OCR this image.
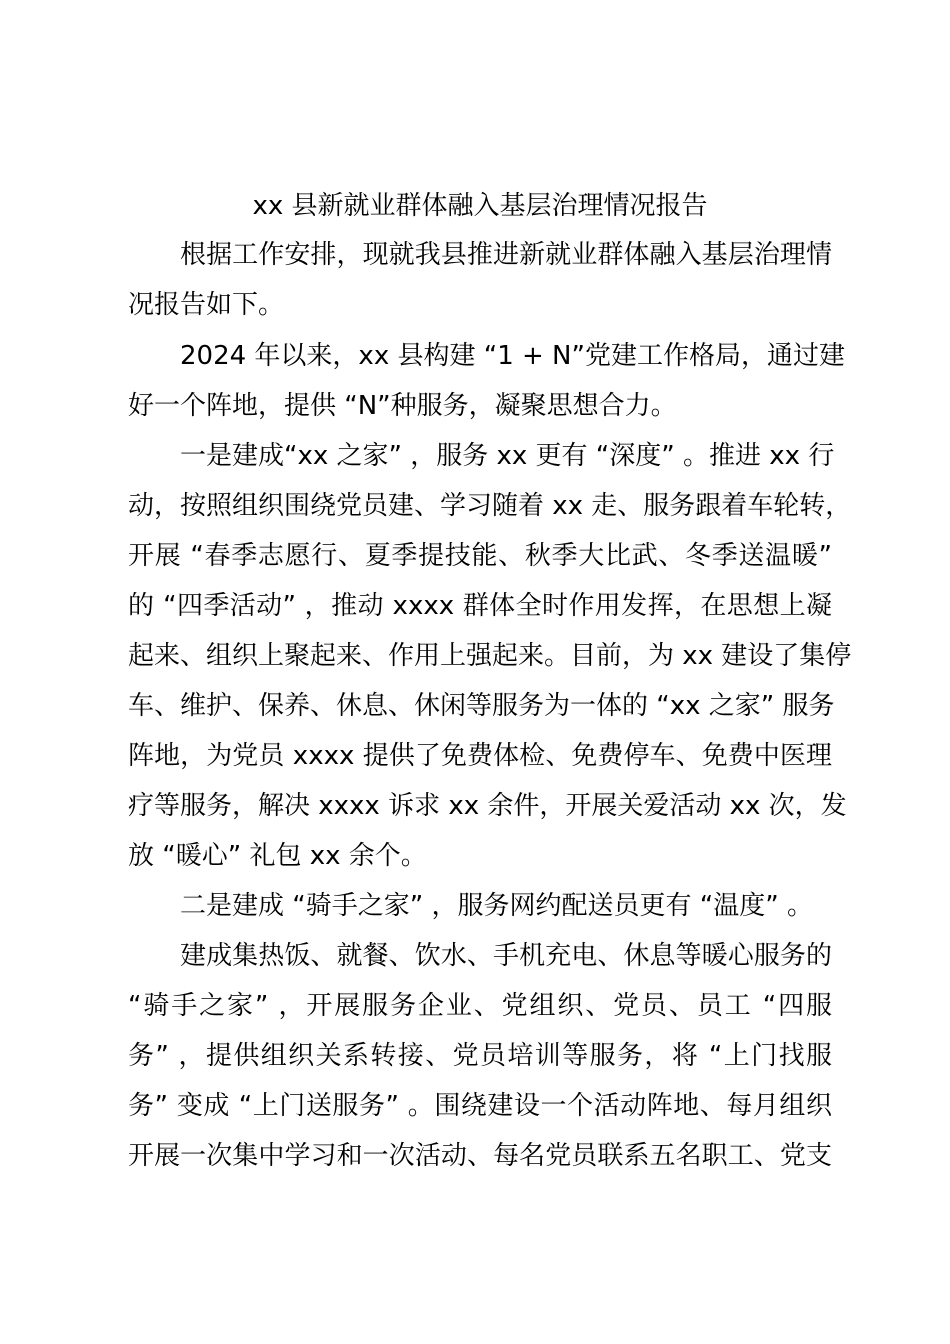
xx 县新就业群体融入基层治理情况报告
根据工作安排，现就我县推进新就业群体融入基层治理情
况报告如下。
2024 年以来，xx 县构建 “1 + N”党建工作格局，通过建
好一个阵地，提供 “N”种服务，凝聚思想合力。
一是建成“xx 之家” ，服务 xx 更有 “深度” 。推进 xx 行
动，按照组织围绕党员建、学习随着 xx 走、服务跟着车轮转，
开展 “春季志愿行、夏季提技能、秋季大比武、冬季送温暖”
的 “四季活动” ，推动 xxxx 群体全时作用发挥，在思想上凝
起来、组织上聚起来、作用上强起来。目前，为 xx 建设了集停
车、维护、保养、休息、休闲等服务为一体的 “xx 之家” 服务
阵地，为党员 xxxx 提供了免费体检、免费停车、免费中医理
疗等服务，解决 xxxx 诉求 xx 余件，开展关爱活动 xx 次，发
放 “暖心” 礼包 xx 余个。
二是建成 “骑手之家” ，服务网约配送员更有 “温度” 。
建成集热饭、就餐、饮水、手机充电、休息等暖心服务的
“骑手之家” ，开展服务企业、党组织、党员、员工 “四服
务” ，提供组织关系转接、党员培训等服务，将 “上门找服
务” 变成 “上门送服务” 。围绕建设一个活动阵地、每月组织
开展一次集中学习和一次活动、每名党员联系五名职工、党支
